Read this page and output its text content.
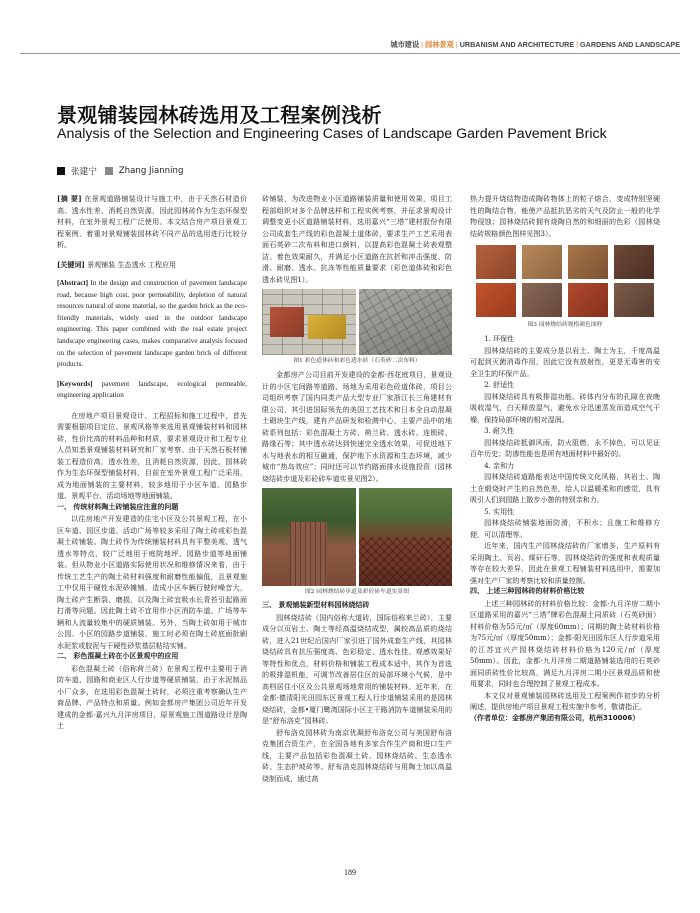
城市建设 | 园林景观 | URBANISM AND ARCHITECTURE | GARDENS AND LANDSCAPE
景观铺装园林砖选用及工程案例浅析
Analysis of the Selection and Engineering Cases of Landscape Garden Pavement Brick
张建宁	Zhang Jianning

[摘 要] 在景观道路铺装设计与施工中，由于天然石材造价高、透水性差、消耗自然资源，因此园林砖作为生态环保型材料，在室外景观工程广泛使用。本文结合房产项目景观工程案例，着重对景观铺装园林砖不同产品的选用进行比较分析。

[关键词] 景观铺装 生态透水 工程应用

[Abstract] In the design and construction of pavement landscape road, because high cost, poor permeability, depletion of natural resources natural of stone material, so the garden brick as the eco-friendly materials, widely used in the outdoor landscape engineering. This paper combined with the real estate project landscape engineering cases, makes comparative analysis focused on the selection of pavement landscape garden brick of different products.

[Keywords] pavement landscape, ecological permeable, engineering application

在房地产项目景观设计、工程招标和施工过程中，首先需要根据项目定位、景观风格等来选用景观铺装材料和园林砖，性价比高的材料品种和材质，要求景观设计和工程专业人员知悉景观铺装材料研究和厂家考察。由于天然石板材铺装工程造价高，透水性差，且消耗自然资源，因此，园林砖作为生态环保型铺装材料，目前在室外景观工程广泛采用，成为地面铺装的主要材料，较多地用于小区车道、园路步道、景观平台、活动场地等地面铺装。

一、 传统材料陶土砖铺装应注意的问题

以往房地产开发建造的住宅小区及公共景观工程，在小区车道、园区步道、活动广场等较多采用了陶土砖或彩色混凝土砖铺装。陶土砖作为传统铺装材料具有平整美观、透气透水等特点，较广泛地用于庭院地坪、园路步道等地面铺装。但从物业小区道路实际使用状况和维修情况来看，由于传统工艺生产的陶土砖材料强度和耐磨性能偏低，且景观施工中仅用干硬性水泥砂摊铺，造成小区车辆行驶时噪音大，陶土砖产生断裂、磨损，以及陶土砖宜吸水长青苔引起路面打滑等问题。因此陶土砖不宜用作小区消防车道、广场等车辆和人流量较集中的硬质铺装。另外，当陶土砖如用于城市公园、小区的园路步道铺装，施工时必须在陶土砖底面批刷水泥浆或胶泥与干硬性砂浆基层粘结实铺。

二、 彩色混凝土砖在小区景观中的应用

彩色混凝土砖（俗称荷兰砖）在景观工程中主要用于消防车道、园路和商业区人行步道等硬质铺装，由于水泥制品小厂众多，在选用彩色混凝土砖时，必须注重考察确认生产商品牌、产品特点和质量。例如金都房产集团公司近年开发建成的金都·嘉兴九月洋房项目，原景观施工图道路设计是陶土

砖铺装，为改进物业小区道路铺装质量和使用效果，项目工程部组织对多个品牌选样和工程实例考察，并征求景观设计调整变更小区道路铺装材料，选用嘉兴“三塔”建材股份有限公司成套生产线的彩色混凝土道体砖，要求生产工艺采用表面石英砂二次布料和进口颜料，以提高彩色混凝土砖表观整洁、着色效果耐久，并满足小区道路在抗折和冲击强度、防滑、耐磨、透水、抗冻等性能质量要求（彩色道体砖和彩色透水砖见图1）。

图1 彩色道体砖和彩色透水砖（石英砂二次布料）

金都房产公司目前开发建设的金都·西花庭项目，景观设计的小区宅间路等道路、场地为采用彩色砼道体砖，项目公司组织考察了国内同类产品大型专业厂家浙江长三角建材有限公司，其引进国际领先的美国工艺技术和日本全自动混凝土砌块生产线，建有产品研发和检测中心，主要产品中的地砖系列包括：彩色混凝土方砖、荷兰砖、透水砖、连锁砖、路缘石等；其中透水砖达到快速完全透水效果，可促进地下水与地表水的相互融通，保护地下水资源和生态环境，减少城市“热岛效应”；同时还可以节约路面排水设施投资（园林烧结砖步道及彩砼砖车道实景见图2）。

图2 园林烧结砖步道及彩砼砖车道实景图

三、 景观铺装新型材料园林烧结砖

园林烧结砖（国内俗称大道砖，国际俗称来兰砖），主要成分以页岩土、陶土等经高温烧结成型，属较高品质的烧结砖，进入21世纪后国内厂家引进了国外成套生产线，其园林烧结砖具有抗压强度高、色彩稳定、透水性佳、观感效果好等特性和优点，材料价格和铺装工程成本适中，其作为首选的吸排湿机能，可调节改善居住区的局部环境小气候，是中高档居住小区及公共景观场地常用的铺装材料。近年来，在金都·德清阳光田园东区景观工程人行步道铺装采用的是园林烧结砖，金都•厦门鹭湾国际小区主干路消防车道铺装采用的是“舒布洛克”园林砖。

舒布洛克园林砖为南京优凝舒布洛克公司与美国舒布洛克集团合资生产，在全国各地有多家合作生产商和进口生产线，主要产品包括彩色混凝土砖、园林烧结砖、生态透水砖、生态护坡砖等。舒布洛克园林烧结砖与用陶土加以高温烧制而成，通过高

热力提升烧结物造成陶砖物体上的粒子熔合，变成特别坚硬性的陶结合物，能使产品抵抗恶劣的天气及防止一般的化学物侵蚀；园林烧结砖拥有烧陶自然的和细丽的色彩（园林烧结砖规格颜色图样见图3）。

图3 园林烧结砖规格颜色图样

1. 环保性

园林烧结砖的主要成分是以岩土、陶土为主，千度高温可起到灭菌消毒作用，因此它没有放射性，更是无毒害的安全卫生的环保产品。

2. 舒适性

园林烧结砖具有吸排湿功能。砖体内分布的孔隙在夜晚吸收湿气，白天释放湿气，避免水分迅速蒸发而造成空气干燥，保持局部环境的相对湿润。

3. 耐久性

园林烧结砖抵御风雨，防火阻燃，永不掉色，可以见证百年历史；防渗性能也是所有地面材料中最好的。

4. 亲和力

园林烧结砖道路能表达中国传统文化风格，其岩土、陶土在煅烧时产生的自然色差，给人以温暖柔和的感觉，具有吸引人们到园路上散步小憩的特别亲和力。

5. 实用性

园林烧结砖铺装地面防滑，不积水；且施工和维修方便，可以清理等。

近年来，国内生产园林烧结砖的厂家增多，生产原料有采用陶土、页岩、煤矸石等，园林烧结砖的强度和表观质量等存在较大差异，因此在景观工程铺装材料选用中，需要加强对生产厂家的考察比较和质量控制。

四、 上述三种园林砖的材料价格比较

上述三种园林砖的材料价格比较：金都·九月洋房二期小区道路采用的嘉兴“三塔”牌彩色混凝土同质砖（石英砂面）材料价格为55元/㎡（厚度60mm）；同期的陶土砖材料价格为75元/㎡（厚度50mm）；金都·阳光田园东区人行步道采用的江苏宜兴产园林烧结砖材料价格为120元/㎡（厚度50mm）。因此，金都·九月洋房二期道路铺装选用的石英砂面同质砖性价比较高，满足九月洋房二期小区景观品质和使用要求，同时也合理控制了景观工程成本。

本文仅对景观铺装园林砖选用及工程案例作初步的分析阐述，提供房地产项目景观工程实施中参考，敬请指正。

（作者单位：金都房产集团有限公司，杭州310006）

189
